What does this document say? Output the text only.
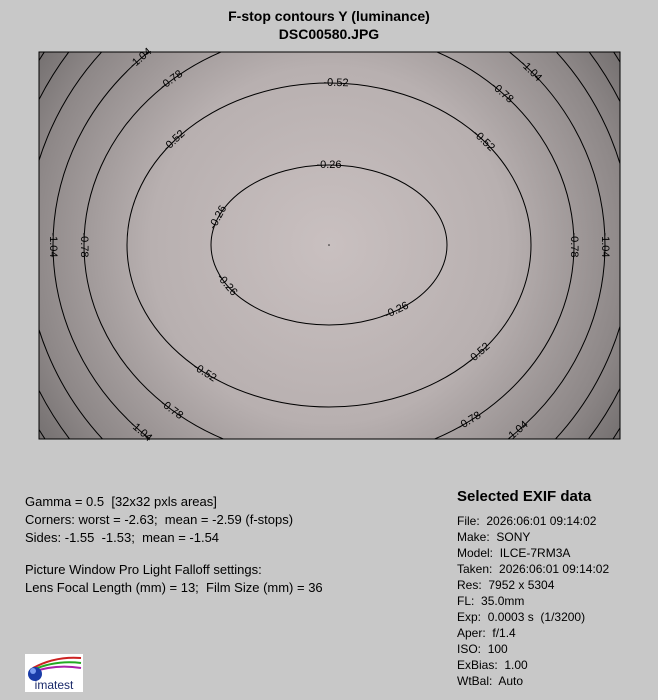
F-stop contours Y (luminance)
DSC00580.JPG
-0.26
-0.26
-0.26
-0.26
-0.52
-0.52
-0.52
-0.52
-0.52
-0.78	-0.78
-0.78
-0.78
-0.78	-0.78
-1.04	-1.04
-1.04
-1.04
-1.04	-1.04
Gamma = 0.5  [32x32 pxls areas]
Corners: worst = -2.63;  mean = -2.59 (f-stops)
Sides: -1.55  -1.53;  mean = -1.54
Picture Window Pro Light Falloff settings:
Lens Focal Length (mm) = 13;  Film Size (mm) = 36
Selected EXIF data
File:  2026:06:01 09:14:02
Make:  SONY
Model:  ILCE-7RM3A
Taken:  2026:06:01 09:14:02
Res:  7952 x 5304
FL:  35.0mm
Exp:  0.0003 s  (1/3200)
Aper:  f/1.4
ISO:  100
ExBias:  1.00
WtBal:  Auto
imatest
